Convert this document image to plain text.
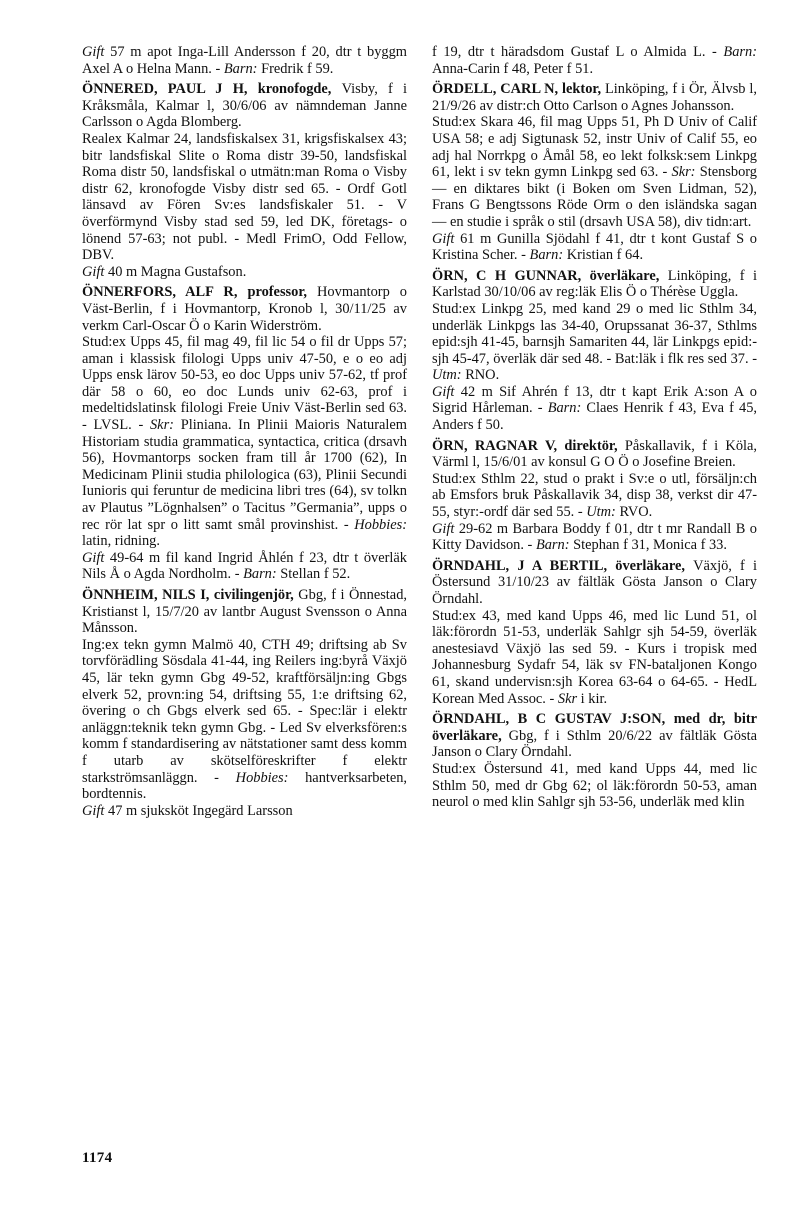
Gift 57 m apot Inga-Lill Andersson f 20, dtr t byggm Axel A o Helna Mann. - Barn: Fredrik f 59.

ÖNNERED, PAUL J H, kronofogde, Visby, f i Kråksmåla, Kalmar l, 30/6/06 av nämndeman Janne Carlsson o Agda Blomberg.

Realex Kalmar 24, landsfiskalsex 31, krigsfiskalsex 43; bitr landsfiskal Slite o Roma distr 39-50, landsfiskal Roma distr 50, landsfiskal o utmätn:man Roma o Visby distr 62, kronofogde Visby distr sed 65. - Ordf Gotl länsavd av Fören Sv:es landsfiskaler 51. - V överförmynd Visby stad sed 59, led DK, företags- o lönend 57-63; not publ. - Medl FrimO, Odd Fellow, DBV.

Gift 40 m Magna Gustafson.

ÖNNERFORS, ALF R, professor, Hovmantorp o Väst-Berlin, f i Hovmantorp, Kronob l, 30/11/25 av verkm Carl-Oscar Ö o Karin Widerström.

Stud:ex Upps 45, fil mag 49, fil lic 54 o fil dr Upps 57; aman i klassisk filologi Upps univ 47-50, e o eo adj Upps ensk lärov 50-53, eo doc Upps univ 57-62, tf prof där 58 o 60, eo doc Lunds univ 62-63, prof i medeltidslatinsk filologi Freie Univ Väst-Berlin sed 63. - LVSL. - Skr: Pliniana. In Plinii Maioris Naturalem Historiam studia grammatica, syntactica, critica (drsavh 56), Hovmantorps socken fram till år 1700 (62), In Medicinam Plinii studia philologica (63), Plinii Secundi Iunioris qui feruntur de medicina libri tres (64), sv tolkn av Plautus ”Lögnhalsen” o Tacitus ”Germania”, upps o rec rör lat spr o litt samt smål provinshist. - Hobbies: latin, ridning.

Gift 49-64 m fil kand Ingrid Åhlén f 23, dtr t överläk Nils Å o Agda Nordholm. - Barn: Stellan f 52.

ÖNNHEIM, NILS I, civilingenjör, Gbg, f i Önnestad, Kristianst l, 15/7/20 av lantbr August Svensson o Anna Månsson.

Ing:ex tekn gymn Malmö 40, CTH 49; driftsing ab Sv torvförädling Sösdala 41-44, ing Reilers ing:byrå Växjö 45, lär tekn gymn Gbg 49-52, kraftförsäljn:ing Gbgs elverk 52, provn:ing 54, driftsing 55, 1:e driftsing 62, övering o ch Gbgs elverk sed 65. - Spec:lär i elektr anläggn:teknik tekn gymn Gbg. - Led Sv elverksfören:s komm f standardisering av nätstationer samt dess komm f utarb av skötselföreskrifter f elektr starkströmsanläggn. - Hobbies: hantverksarbeten, bordtennis.

Gift 47 m sjuksköt Ingegärd Larsson

f 19, dtr t häradsdom Gustaf L o Almida L. - Barn: Anna-Carin f 48, Peter f 51.

ÖRDELL, CARL N, lektor, Linköping, f i Ör, Älvsb l, 21/9/26 av distr:ch Otto Carlson o Agnes Johansson.

Stud:ex Skara 46, fil mag Upps 51, Ph D Univ of Calif USA 58; e adj Sigtunask 52, instr Univ of Calif 55, eo adj hal Norrkpg o Åmål 58, eo lekt folksk:sem Linkpg 61, lekt i sv tekn gymn Linkpg sed 63. - Skr: Stensborg — en diktares bikt (i Boken om Sven Lidman, 52), Frans G Bengtssons Röde Orm o den isländska sagan — en studie i språk o stil (drsavh USA 58), div tidn:art.

Gift 61 m Gunilla Sjödahl f 41, dtr t kont Gustaf S o Kristina Scher. - Barn: Kristian f 64.

ÖRN, C H GUNNAR, överläkare, Linköping, f i Karlstad 30/10/06 av reg:läk Elis Ö o Thérèse Uggla.

Stud:ex Linkpg 25, med kand 29 o med lic Sthlm 34, underläk Linkpgs las 34-40, Orupssanat 36-37, Sthlms epid:sjh 41-45, barnsjh Samariten 44, lär Linkpgs epid:-sjh 45-47, överläk där sed 48. - Bat:läk i flk res sed 37. - Utm: RNO.

Gift 42 m Sif Ahrén f 13, dtr t kapt Erik A:son A o Sigrid Hårleman. - Barn: Claes Henrik f 43, Eva f 45, Anders f 50.

ÖRN, RAGNAR V, direktör, Påskallavik, f i Köla, Värml l, 15/6/01 av konsul G O Ö o Josefine Breien.

Stud:ex Sthlm 22, stud o prakt i Sv:e o utl, försäljn:ch ab Emsfors bruk Påskallavik 34, disp 38, verkst dir 47-55, styr:-ordf där sed 55. - Utm: RVO.

Gift 29-62 m Barbara Boddy f 01, dtr t mr Randall B o Kitty Davidson. - Barn: Stephan f 31, Monica f 33.

ÖRNDAHL, J A BERTIL, överläkare, Växjö, f i Östersund 31/10/23 av fältläk Gösta Janson o Clary Örndahl.

Stud:ex 43, med kand Upps 46, med lic Lund 51, ol läk:förordn 51-53, underläk Sahlgr sjh 54-59, överläk anestesiavd Växjö las sed 59. - Kurs i tropisk med Johannesburg Sydafr 54, läk sv FN-bataljonen Kongo 61, skand undervisn:sjh Korea 63-64 o 64-65. - HedL Korean Med Assoc. - Skr i kir.

ÖRNDAHL, B C GUSTAV J:SON, med dr, bitr överläkare, Gbg, f i Sthlm 20/6/22 av fältläk Gösta Janson o Clary Örndahl.

Stud:ex Östersund 41, med kand Upps 44, med lic Sthlm 50, med dr Gbg 62; ol läk:förordn 50-53, aman neurol o med klin Sahlgr sjh 53-56, underläk med klin

1174
